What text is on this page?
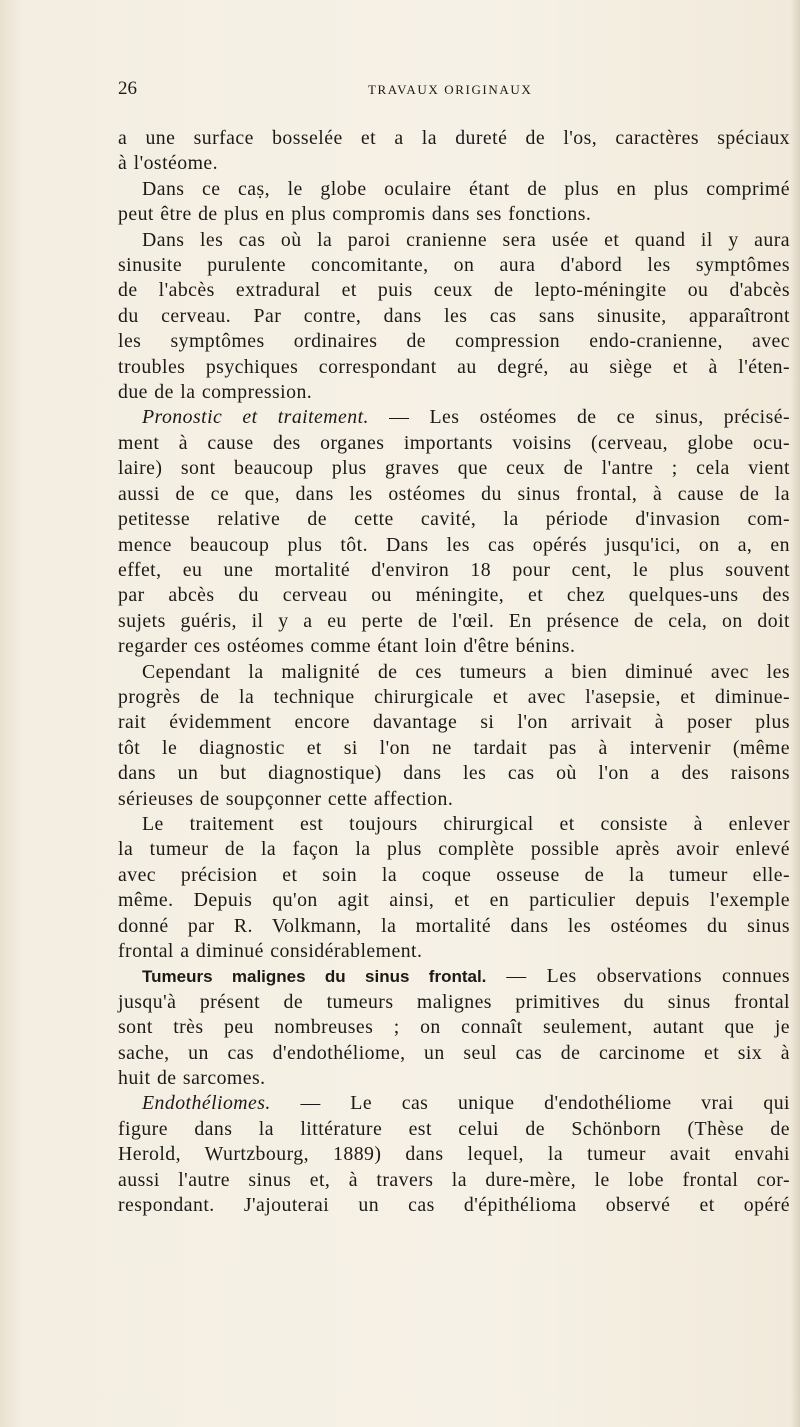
26	TRAVAUX ORIGINAUX
a une surface bosselée et a la dureté de l'os, caractères spéciaux
à l'ostéome.
Dans ce caṣ, le globe oculaire étant de plus en plus comprimé
peut être de plus en plus compromis dans ses fonctions.
Dans les cas où la paroi cranienne sera usée et quand il y aura
sinusite purulente concomitante, on aura d'abord les symptômes
de l'abcès extradural et puis ceux de lepto-méningite ou d'abcès
du cerveau. Par contre, dans les cas sans sinusite, apparaîtront
les symptômes ordinaires de compression endo-cranienne, avec
troubles psychiques correspondant au degré, au siège et à l'éten-
due de la compression.
Pronostic et traitement. — Les ostéomes de ce sinus, précisé-
ment à cause des organes importants voisins (cerveau, globe ocu-
laire) sont beaucoup plus graves que ceux de l'antre ; cela vient
aussi de ce que, dans les ostéomes du sinus frontal, à cause de la
petitesse relative de cette cavité, la période d'invasion com-
mence beaucoup plus tôt. Dans les cas opérés jusqu'ici, on a, en
effet, eu une mortalité d'environ 18 pour cent, le plus souvent
par abcès du cerveau ou méningite, et chez quelques-uns des
sujets guéris, il y a eu perte de l'œil. En présence de cela, on doit
regarder ces ostéomes comme étant loin d'être bénins.
Cependant la malignité de ces tumeurs a bien diminué avec les
progrès de la technique chirurgicale et avec l'asepsie, et diminue-
rait évidemment encore davantage si l'on arrivait à poser plus
tôt le diagnostic et si l'on ne tardait pas à intervenir (même
dans un but diagnostique) dans les cas où l'on a des raisons
sérieuses de soupçonner cette affection.
Le traitement est toujours chirurgical et consiste à enlever
la tumeur de la façon la plus complète possible après avoir enlevé
avec précision et soin la coque osseuse de la tumeur elle-
même. Depuis qu'on agit ainsi, et en particulier depuis l'exemple
donné par R. Volkmann, la mortalité dans les ostéomes du sinus
frontal a diminué considérablement.
Tumeurs malignes du sinus frontal. — Les observations connues
jusqu'à présent de tumeurs malignes primitives du sinus frontal
sont très peu nombreuses ; on connaît seulement, autant que je
sache, un cas d'endothéliome, un seul cas de carcinome et six à
huit de sarcomes.
Endothéliomes. — Le cas unique d'endothéliome vrai qui
figure dans la littérature est celui de Schönborn (Thèse de
Herold, Wurtzbourg, 1889) dans lequel, la tumeur avait envahi
aussi l'autre sinus et, à travers la dure-mère, le lobe frontal cor-
respondant. J'ajouterai un cas d'épithélioma observé et opéré
